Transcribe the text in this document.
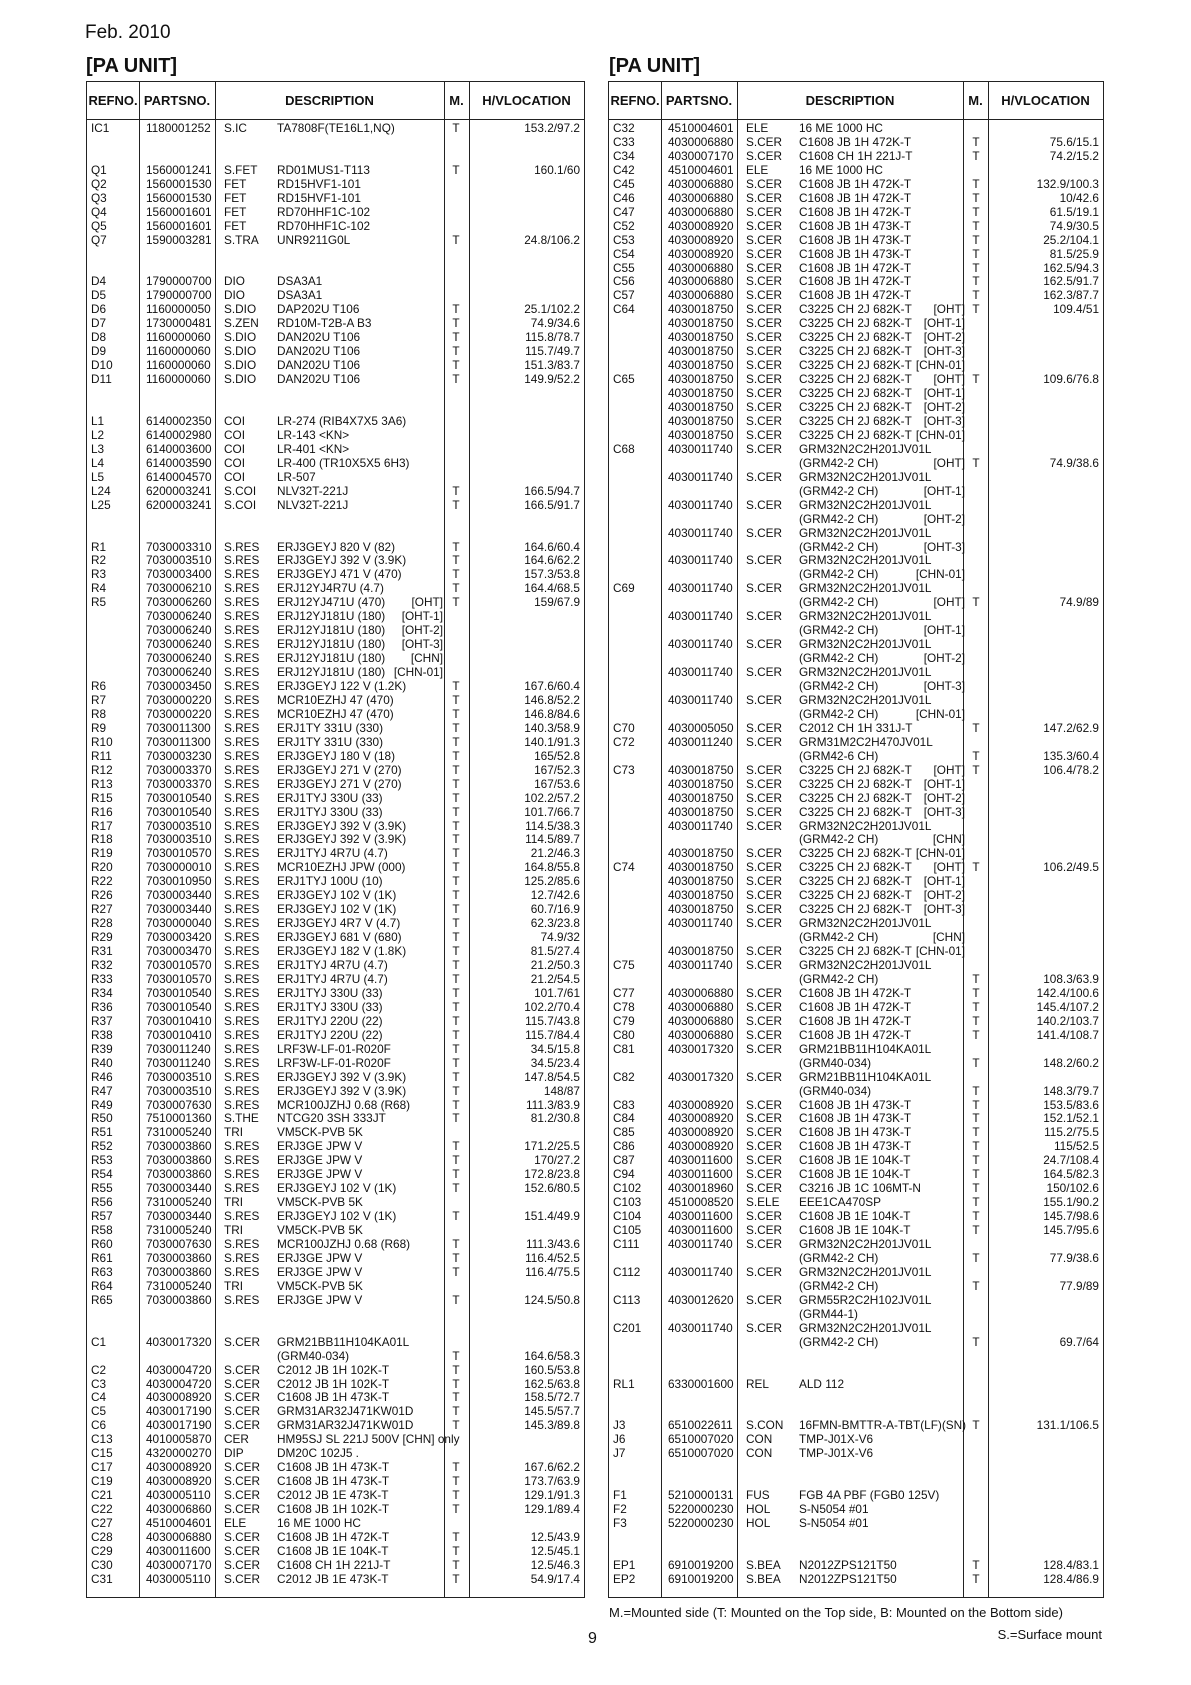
Feb. 2010
[PA UNIT]	[PA UNIT]
REF NO. PARTS NO.	DESCRIPTION	M. H/V LOCATION
IC1	1180001252 S.IC	TA7808F(TE16L1,NQ)	T	153.2/97.2
Q1	1560001241 S.FET RD01MUS1-T113	T	160.1/60
Q2	1560001530 FET	RD15HVF1-101
Q3	1560001530 FET	RD15HVF1-101
Q4	1560001601 FET	RD70HHF1C-102
Q5	1560001601 FET	RD70HHF1C-102
Q7	1590003281 S.TRA UNR9211G0L	T	24.8/106.2
D4	1790000700 DIO	DSA3A1
D5	1790000700 DIO	DSA3A1
D6	1160000050 S.DIO DAP202U T106	T	25.1/102.2
D7	1730000481 S.ZEN RD10M-T2B-A B3	T	74.9/34.6
D8	1160000060 S.DIO DAN202U T106	T	115.8/78.7
D9	1160000060 S.DIO DAN202U T106	T	115.7/49.7
D10	1160000060 S.DIO DAN202U T106	T	151.3/83.7
D11	1160000060 S.DIO DAN202U T106	T	149.9/52.2
L1	6140002350 COI	LR-274 (RIB4X7X5 3A6)
L2	6140002980 COI	LR-143 <KN>
L3	6140003600 COI	LR-401 <KN>
L4	6140003590 COI	LR-400 (TR10X5X5 6H3)
L5	6140004570 COI	LR-507
L24	6200003241 S.COI NLV32T-221J	T	166.5/94.7
L25	6200003241 S.COI NLV32T-221J	T	166.5/91.7
R1	7030003310 S.RES ERJ3GEYJ 820 V (82)	T	164.6/60.4
R2	7030003510 S.RES ERJ3GEYJ 392 V (3.9K)	T	164.6/62.2
R3	7030003400 S.RES ERJ3GEYJ 471 V (470)	T	157.3/53.8
R4	7030006210 S.RES ERJ12YJ4R7U (4.7)	T	164.4/68.5
R5	7030006260 S.RES ERJ12YJ471U (470) [OHT] T	159/67.9
7030006240 S.RES ERJ12YJ181U (180) [OHT-1]
7030006240 S.RES ERJ12YJ181U (180) [OHT-2]
7030006240 S.RES ERJ12YJ181U (180) [OHT-3]
7030006240 S.RES ERJ12YJ181U (180) [CHN]
7030006240 S.RES ERJ12YJ181U (180) [CHN-01]
R6	7030003450 S.RES ERJ3GEYJ 122 V (1.2K)	T	167.6/60.4
R7	7030000220 S.RES MCR10EZHJ 47 (470)	T	146.8/52.2
R8	7030000220 S.RES MCR10EZHJ 47 (470)	T	146.8/84.6
R9	7030011300 S.RES ERJ1TY 331U (330)	T	140.3/58.9
R10	7030011300 S.RES ERJ1TY 331U (330)	T	140.1/91.3
R11	7030003230 S.RES ERJ3GEYJ 180 V (18)	T	165/52.8
R12	7030003370 S.RES ERJ3GEYJ 271 V (270)	T	167/52.3
R13	7030003370 S.RES ERJ3GEYJ 271 V (270)	T	167/53.6
R15	7030010540 S.RES ERJ1TYJ 330U (33)	T	102.2/57.2
R16	7030010540 S.RES ERJ1TYJ 330U (33)	T	101.7/66.7
R17	7030003510 S.RES ERJ3GEYJ 392 V (3.9K)	T	114.5/38.3
R18	7030003510 S.RES ERJ3GEYJ 392 V (3.9K)	T	114.5/89.7
R19	7030010570 S.RES ERJ1TYJ 4R7U (4.7)	T	21.2/46.3
R20	7030000010 S.RES MCR10EZHJ JPW (000)	T	164.8/55.8
R22	7030010950 S.RES ERJ1TYJ 100U (10)	T	125.2/85.6
R26	7030003440 S.RES ERJ3GEYJ 102 V (1K)	T	12.7/42.6
R27	7030003440 S.RES ERJ3GEYJ 102 V (1K)	T	60.7/16.9
R28	7030000040 S.RES ERJ3GEYJ 4R7 V (4.7)	T	62.3/23.8
R29	7030003420 S.RES ERJ3GEYJ 681 V (680)	T	74.9/32
R31	7030003470 S.RES ERJ3GEYJ 182 V (1.8K)	T	81.5/27.4
R32	7030010570 S.RES ERJ1TYJ 4R7U (4.7)	T	21.2/50.3
R33	7030010570 S.RES ERJ1TYJ 4R7U (4.7)	T	21.2/54.5
R34	7030010540 S.RES ERJ1TYJ 330U (33)	T	101.7/61
R36	7030010540 S.RES ERJ1TYJ 330U (33)	T	102.2/70.4
R37	7030010410 S.RES ERJ1TYJ 220U (22)	T	115.7/43.8
R38	7030010410 S.RES ERJ1TYJ 220U (22)	T	115.7/84.4
R39	7030011240 S.RES LRF3W-LF-01-R020F	T	34.5/15.8
R40	7030011240 S.RES LRF3W-LF-01-R020F	T	34.5/23.4
R46	7030003510 S.RES ERJ3GEYJ 392 V (3.9K)	T	147.8/54.5
R47	7030003510 S.RES ERJ3GEYJ 392 V (3.9K)	T	148/87
R49	7030007630 S.RES MCR100JZHJ 0.68 (R68)	T	111.3/83.9
R50	7510001360 S.THE NTCG20 3SH 333JT	T	81.2/30.8
R51	7310005240 TRI	VM5CK-PVB 5K
R52	7030003860 S.RES ERJ3GE JPW V	T	171.2/25.5
R53	7030003860 S.RES ERJ3GE JPW V	T	170/27.2
R54	7030003860 S.RES ERJ3GE JPW V	T	172.8/23.8
R55	7030003440 S.RES ERJ3GEYJ 102 V (1K)	T	152.6/80.5
R56	7310005240 TRI	VM5CK-PVB 5K
R57	7030003440 S.RES ERJ3GEYJ 102 V (1K)	T	151.4/49.9
R58	7310005240 TRI	VM5CK-PVB 5K
R60	7030007630 S.RES MCR100JZHJ 0.68 (R68)	T	111.3/43.6
R61	7030003860 S.RES ERJ3GE JPW V	T	116.4/52.5
R63	7030003860 S.RES ERJ3GE JPW V	T	116.4/75.5
R64	7310005240 TRI	VM5CK-PVB 5K
R65	7030003860 S.RES ERJ3GE JPW V	T	124.5/50.8
C1	4030017320 S.CER GRM21BB11H104KA01L
(GRM40-034)	T	164.6/58.3
C2	4030004720 S.CER C2012 JB 1H 102K-T	T	160.5/53.8
C3	4030004720 S.CER C2012 JB 1H 102K-T	T	162.5/63.8
C4	4030008920 S.CER C1608 JB 1H 473K-T	T	158.5/72.7
C5	4030017190 S.CER GRM31AR32J471KW01D	T	145.5/57.7
C6	4030017190 S.CER GRM31AR32J471KW01D	T	145.3/89.8
C13	4010005870 CER HM95SJ SL 221J 500V [CHN] only
C15	4320000270 DIP	DM20C 102J5 .
C17	4030008920 S.CER C1608 JB 1H 473K-T	T	167.6/62.2
C19	4030008920 S.CER C1608 JB 1H 473K-T	T	173.7/63.9
C21	4030005110 S.CER C2012 JB 1E 473K-T	T	129.1/91.3
C22	4030006860 S.CER C1608 JB 1H 102K-T	T	129.1/89.4
C27	4510004601 ELE	16 ME 1000 HC
C28	4030006880 S.CER C1608 JB 1H 472K-T	T	12.5/43.9
C29	4030011600 S.CER C1608 JB 1E 104K-T	T	12.5/45.1
C30	4030007170 S.CER C1608 CH 1H 221J-T	T	12.5/46.3
C31	4030005110 S.CER C2012 JB 1E 473K-T	T	54.9/17.4
REF NO. PARTS NO.	DESCRIPTION	M. H/V LOCATION
C32	4510004601 ELE	16 ME 1000 HC
C33	4030006880 S.CER C1608 JB 1H 472K-T	T	75.6/15.1
C34	4030007170 S.CER C1608 CH 1H 221J-T	T	74.2/15.2
C42	4510004601 ELE	16 ME 1000 HC
C45	4030006880 S.CER C1608 JB 1H 472K-T	T	132.9/100.3
C46	4030006880 S.CER C1608 JB 1H 472K-T	T	10/42.6
C47	4030006880 S.CER C1608 JB 1H 472K-T	T	61.5/19.1
C52	4030008920 S.CER C1608 JB 1H 473K-T	T	74.9/30.5
C53	4030008920 S.CER C1608 JB 1H 473K-T	T	25.2/104.1
C54	4030008920 S.CER C1608 JB 1H 473K-T	T	81.5/25.9
C55	4030006880 S.CER C1608 JB 1H 472K-T	T	162.5/94.3
C56	4030006880 S.CER C1608 JB 1H 472K-T	T	162.5/91.7
C57	4030006880 S.CER C1608 JB 1H 472K-T	T	162.3/87.7
C64	4030018750 S.CER C3225 CH 2J 682K-T [OHT] T	109.4/51
4030018750 S.CER C3225 CH 2J 682K-T [OHT-1]
4030018750 S.CER C3225 CH 2J 682K-T [OHT-2]
4030018750 S.CER C3225 CH 2J 682K-T [OHT-3]
4030018750 S.CER C3225 CH 2J 682K-T [CHN-01]
C65	4030018750 S.CER C3225 CH 2J 682K-T [OHT] T	109.6/76.8
4030018750 S.CER C3225 CH 2J 682K-T [OHT-1]
4030018750 S.CER C3225 CH 2J 682K-T [OHT-2]
4030018750 S.CER C3225 CH 2J 682K-T [OHT-3]
4030018750 S.CER C3225 CH 2J 682K-T [CHN-01]
C68	4030011740 S.CER GRM32N2C2H201JV01L
(GRM42-2 CH)	[OHT] T	74.9/38.6
4030011740 S.CER GRM32N2C2H201JV01L
(GRM42-2 CH)	[OHT-1]
4030011740 S.CER GRM32N2C2H201JV01L
(GRM42-2 CH)	[OHT-2]
4030011740 S.CER GRM32N2C2H201JV01L
(GRM42-2 CH)	[OHT-3]
4030011740 S.CER GRM32N2C2H201JV01L
(GRM42-2 CH)	[CHN-01]
C69	4030011740 S.CER GRM32N2C2H201JV01L
(GRM42-2 CH)	[OHT] T	74.9/89
4030011740 S.CER GRM32N2C2H201JV01L
(GRM42-2 CH)	[OHT-1]
4030011740 S.CER GRM32N2C2H201JV01L
(GRM42-2 CH)	[OHT-2]
4030011740 S.CER GRM32N2C2H201JV01L
(GRM42-2 CH)	[OHT-3]
4030011740 S.CER GRM32N2C2H201JV01L
(GRM42-2 CH)	[CHN-01]
C70	4030005050 S.CER C2012 CH 1H 331J-T	T	147.2/62.9
C72	4030011240 S.CER GRM31M2C2H470JV01L
(GRM42-6 CH)	T	135.3/60.4
C73	4030018750 S.CER C3225 CH 2J 682K-T [OHT] T	106.4/78.2
4030018750 S.CER C3225 CH 2J 682K-T [OHT-1]
4030018750 S.CER C3225 CH 2J 682K-T [OHT-2]
4030018750 S.CER C3225 CH 2J 682K-T [OHT-3]
4030011740 S.CER GRM32N2C2H201JV01L
(GRM42-2 CH)	[CHN]
4030018750 S.CER C3225 CH 2J 682K-T [CHN-01]
C74	4030018750 S.CER C3225 CH 2J 682K-T [OHT] T	106.2/49.5
4030018750 S.CER C3225 CH 2J 682K-T [OHT-1]
4030018750 S.CER C3225 CH 2J 682K-T [OHT-2]
4030018750 S.CER C3225 CH 2J 682K-T [OHT-3]
4030011740 S.CER GRM32N2C2H201JV01L
(GRM42-2 CH)	[CHN]
4030018750 S.CER C3225 CH 2J 682K-T [CHN-01]
C75	4030011740 S.CER GRM32N2C2H201JV01L
(GRM42-2 CH)	T	108.3/63.9
C77	4030006880 S.CER C1608 JB 1H 472K-T	T	142.4/100.6
C78	4030006880 S.CER C1608 JB 1H 472K-T	T	145.4/107.2
C79	4030006880 S.CER C1608 JB 1H 472K-T	T	140.2/103.7
C80	4030006880 S.CER C1608 JB 1H 472K-T	T	141.4/108.7
C81	4030017320 S.CER GRM21BB11H104KA01L
(GRM40-034)	T	148.2/60.2
C82	4030017320 S.CER GRM21BB11H104KA01L
(GRM40-034)	T	148.3/79.7
C83	4030008920 S.CER C1608 JB 1H 473K-T	T	153.5/83.6
C84	4030008920 S.CER C1608 JB 1H 473K-T	T	152.1/52.1
C85	4030008920 S.CER C1608 JB 1H 473K-T	T	115.2/75.5
C86	4030008920 S.CER C1608 JB 1H 473K-T	T	115/52.5
C87	4030011600 S.CER C1608 JB 1E 104K-T	T	24.7/108.4
C94	4030011600 S.CER C1608 JB 1E 104K-T	T	164.5/82.3
C102 4030018960 S.CER C3216 JB 1C 106MT-N	T	150/102.6
C103 4510008520 S.ELE EEE1CA470SP	T	155.1/90.2
C104 4030011600 S.CER C1608 JB 1E 104K-T	T	145.7/98.6
C105 4030011600 S.CER C1608 JB 1E 104K-T	T	145.7/95.6
C111 4030011740 S.CER GRM32N2C2H201JV01L
(GRM42-2 CH)	T	77.9/38.6
C112 4030011740 S.CER GRM32N2C2H201JV01L
(GRM42-2 CH)	T	77.9/89
C113 4030012620 S.CER GRM55R2C2H102JV01L
(GRM44-1)
C201 4030011740 S.CER GRM32N2C2H201JV01L
(GRM42-2 CH)	T	69.7/64
RL1	6330001600 REL	ALD 112
J3	6510022611 S.CON 16FMN-BMTTR-A-TBT(LF)(SN) T	131.1/106.5
J6	6510007020 CON TMP-J01X-V6
J7	6510007020 CON TMP-J01X-V6
F1	5210000131 FUS FGB 4A PBF (FGB0 125V)
F2	5220000230 HOL S-N5054 #01
F3	5220000230 HOL S-N5054 #01
EP1	6910019200 S.BEA N2012ZPS121T50	T	128.4/83.1
EP2	6910019200 S.BEA N2012ZPS121T50	T	128.4/86.9
M.=Mounted side (T: Mounted on the Top side, B: Mounted on the Bottom side)
S.=Surface mount
9
